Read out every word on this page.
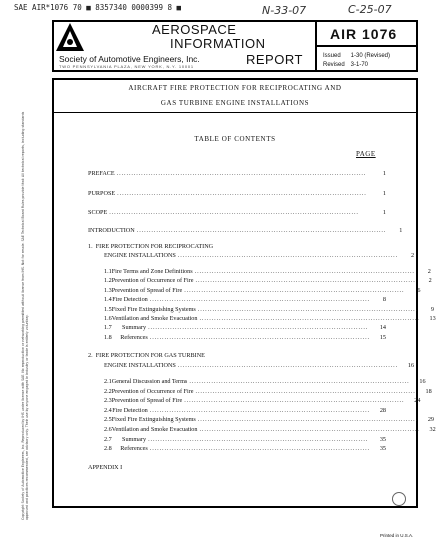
SAE AIR*1076 70 ■ 8357340 0000399 8 ■	N-33-07	C-25-07
AEROSPACE
INFORMATION
REPORT
Society of Automotive Engineers, Inc.
TWO PENNSYLVANIA PLAZA, NEW YORK, N.Y. 10001
AIR 1076
Issued 1-30 (Revised)
Revised 3-1-70
Copyright Society of Automotive Engineers, Inc. Reproduced by IHS under license with SAE. No reproduction or networking permitted without license from IHS. Not for resale. SAE Technical Board Rules provide that: All technical reports, including standards approved and practices recommended, are advisory only. Their use by anyone engaged in industry or trade is entirely voluntary.
AIRCRAFT FIRE PROTECTION FOR RECIPROCATING AND
GAS TURBINE ENGINE INSTALLATIONS
TABLE OF CONTENTS
PAGE
PREFACE ......................................................................................................	1
PURPOSE ......................................................................................................	1
SCOPE ......................................................................................................	1
INTRODUCTION ......................................................................................................	1
1. FIRE PROTECTION FOR RECIPROCATING
ENGINE INSTALLATIONS ..........................................................................................	2
1.1 Fire Terms and Zone Definitions ..........................................................................................	2
1.2 Prevention of Occurrence of Fire ..........................................................................................	2
1.3 Prevention of Spread of Fire ..........................................................................................	6
1.4 Fire Detection ..........................................................................................	8
1.5 Fixed Fire Extinguishing Systems ..........................................................................................	9
1.6 Ventilation and Smoke Evacuation ..........................................................................................	13
1.7	Summary ..........................................................................................	14
1.8	References ..........................................................................................	15
2. FIRE PROTECTION FOR GAS TURBINE
ENGINE INSTALLATIONS ..........................................................................................	16
2.1 General Discussion and Terms ..........................................................................................	16
2.2 Prevention of Occurrence of Fire ..........................................................................................	18
2.3 Prevention of Spread of Fire ..........................................................................................	24
2.4 Fire Detection ..........................................................................................	28
2.5 Fixed Fire Extinguishing Systems ..........................................................................................	29
2.6 Ventilation and Smoke Evacuation ..........................................................................................	32
2.7	Summary ..........................................................................................	35
2.8	References ..........................................................................................	35
APPENDIX I
Printed in U.S.A.
